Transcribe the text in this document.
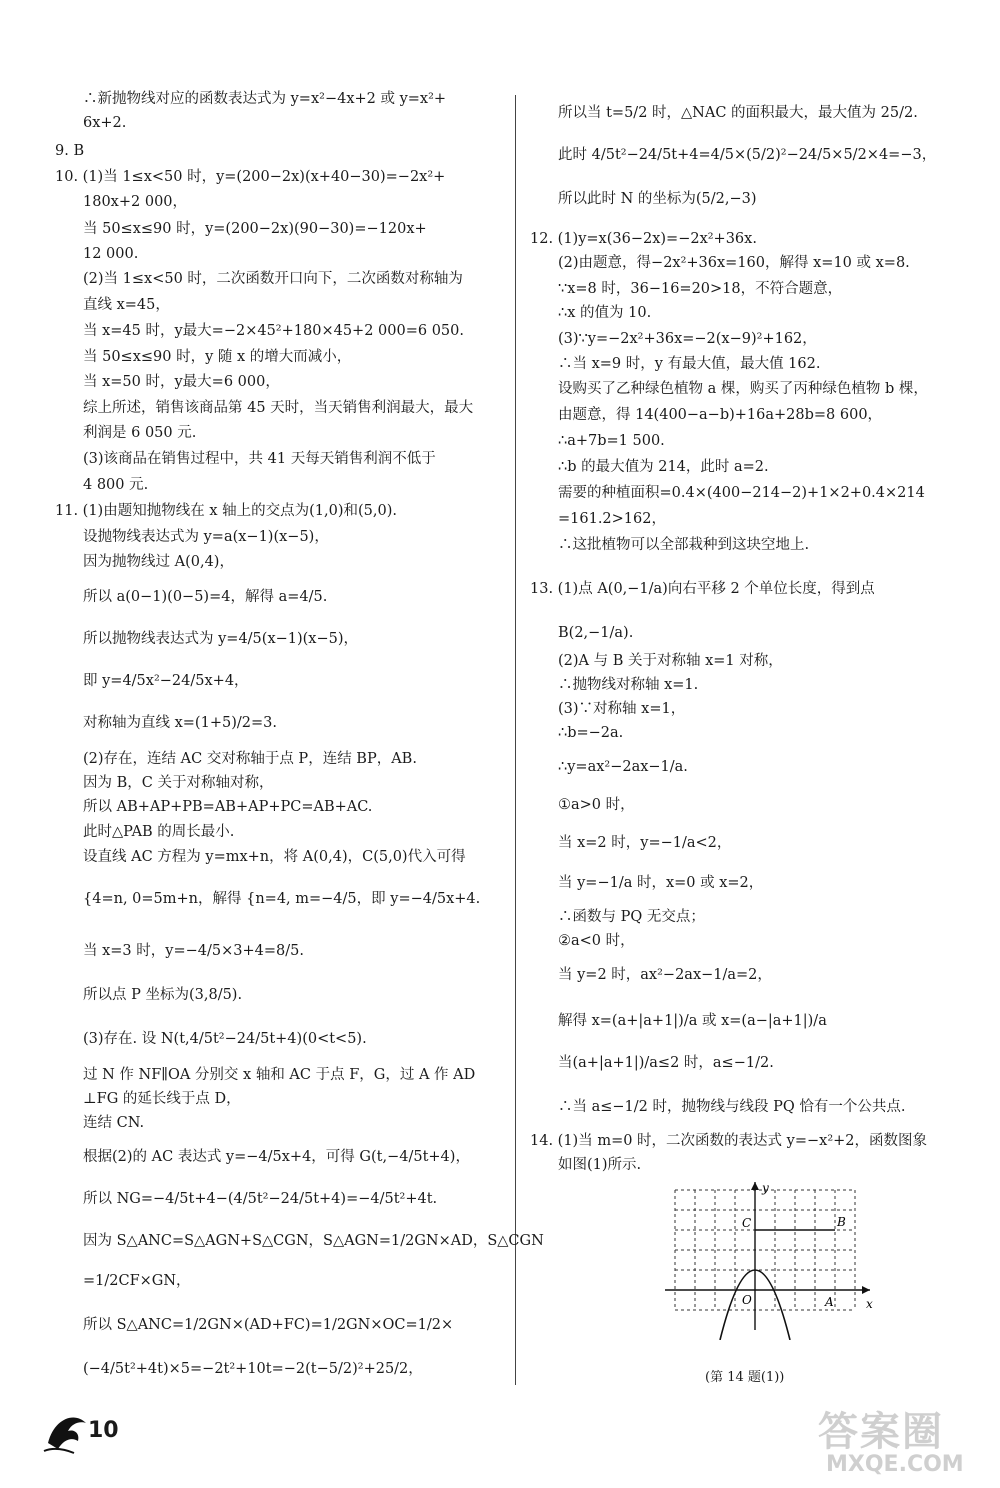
∴新抛物线对应的函数表达式为 y=x²−4x+2 或 y=x²+
6x+2.
9. B
10. (1)当 1≤x<50 时，y=(200−2x)(x+40−30)=−2x²+
180x+2 000，
当 50≤x≤90 时，y=(200−2x)(90−30)=−120x+
12 000.
(2)当 1≤x<50 时，二次函数开口向下，二次函数对称轴为
直线 x=45，
当 x=45 时，y最大=−2×45²+180×45+2 000=6 050.
当 50≤x≤90 时，y 随 x 的增大而减小，
当 x=50 时，y最大=6 000，
综上所述，销售该商品第 45 天时，当天销售利润最大，最大
利润是 6 050 元.
(3)该商品在销售过程中，共 41 天每天销售利润不低于
4 800 元.
11. (1)由题知抛物线在 x 轴上的交点为(1,0)和(5,0).
设抛物线表达式为 y=a(x−1)(x−5)，
因为抛物线过 A(0,4)，
所以 a(0−1)(0−5)=4，解得 a=4/5.
所以抛物线表达式为 y=4/5(x−1)(x−5)，
即 y=4/5x²−24/5x+4，
对称轴为直线 x=(1+5)/2=3.
(2)存在，连结 AC 交对称轴于点 P，连结 BP，AB.
因为 B，C 关于对称轴对称，
所以 AB+AP+PB=AB+AP+PC=AB+AC.
此时△PAB 的周长最小.
设直线 AC 方程为 y=mx+n，将 A(0,4)，C(5,0)代入可得
{4=n, 0=5m+n，解得 {n=4, m=−4/5，即 y=−4/5x+4.
当 x=3 时，y=−4/5×3+4=8/5.
所以点 P 坐标为(3,8/5).
(3)存在. 设 N(t,4/5t²−24/5t+4)(0<t<5).
过 N 作 NF∥OA 分别交 x 轴和 AC 于点 F，G，过 A 作 AD
⊥FG 的延长线于点 D，
连结 CN.
根据(2)的 AC 表达式 y=−4/5x+4，可得 G(t,−4/5t+4)，
所以 NG=−4/5t+4−(4/5t²−24/5t+4)=−4/5t²+4t.
因为 S△ANC=S△AGN+S△CGN，S△AGN=1/2GN×AD，S△CGN
=1/2CF×GN，
所以 S△ANC=1/2GN×(AD+FC)=1/2GN×OC=1/2×
(−4/5t²+4t)×5=−2t²+10t=−2(t−5/2)²+25/2，
所以当 t=5/2 时，△NAC 的面积最大，最大值为 25/2.
此时 4/5t²−24/5t+4=4/5×(5/2)²−24/5×5/2×4=−3，
所以此时 N 的坐标为(5/2,−3)
12. (1)y=x(36−2x)=−2x²+36x.
(2)由题意，得−2x²+36x=160，解得 x=10 或 x=8.
∵x=8 时，36−16=20>18，不符合题意，
∴x 的值为 10.
(3)∵y=−2x²+36x=−2(x−9)²+162，
∴当 x=9 时，y 有最大值，最大值 162.
设购买了乙种绿色植物 a 棵，购买了丙种绿色植物 b 棵，
由题意，得 14(400−a−b)+16a+28b=8 600，
∴a+7b=1 500.
∴b 的最大值为 214，此时 a=2.
需要的种植面积=0.4×(400−214−2)+1×2+0.4×214
=161.2>162，
∴这批植物可以全部栽种到这块空地上.
13. (1)点 A(0,−1/a)向右平移 2 个单位长度，得到点
B(2,−1/a).
(2)A 与 B 关于对称轴 x=1 对称，
∴抛物线对称轴 x=1.
(3)∵对称轴 x=1，
∴b=−2a.
∴y=ax²−2ax−1/a.
①a>0 时，
当 x=2 时，y=−1/a<2，
当 y=−1/a 时，x=0 或 x=2，
∴函数与 PQ 无交点；
②a<0 时，
当 y=2 时，ax²−2ax−1/a=2，
解得 x=(a+|a+1|)/a 或 x=(a−|a+1|)/a
当(a+|a+1|)/a≤2 时，a≤−1/2.
∴当 a≤−1/2 时，抛物线与线段 PQ 恰有一个公共点.
14. (1)当 m=0 时，二次函数的表达式 y=−x²+2，函数图象
如图(1)所示.
y
x
C	B
O	A
(第 14 题(1))
10	答案圈
MXQE.COM
